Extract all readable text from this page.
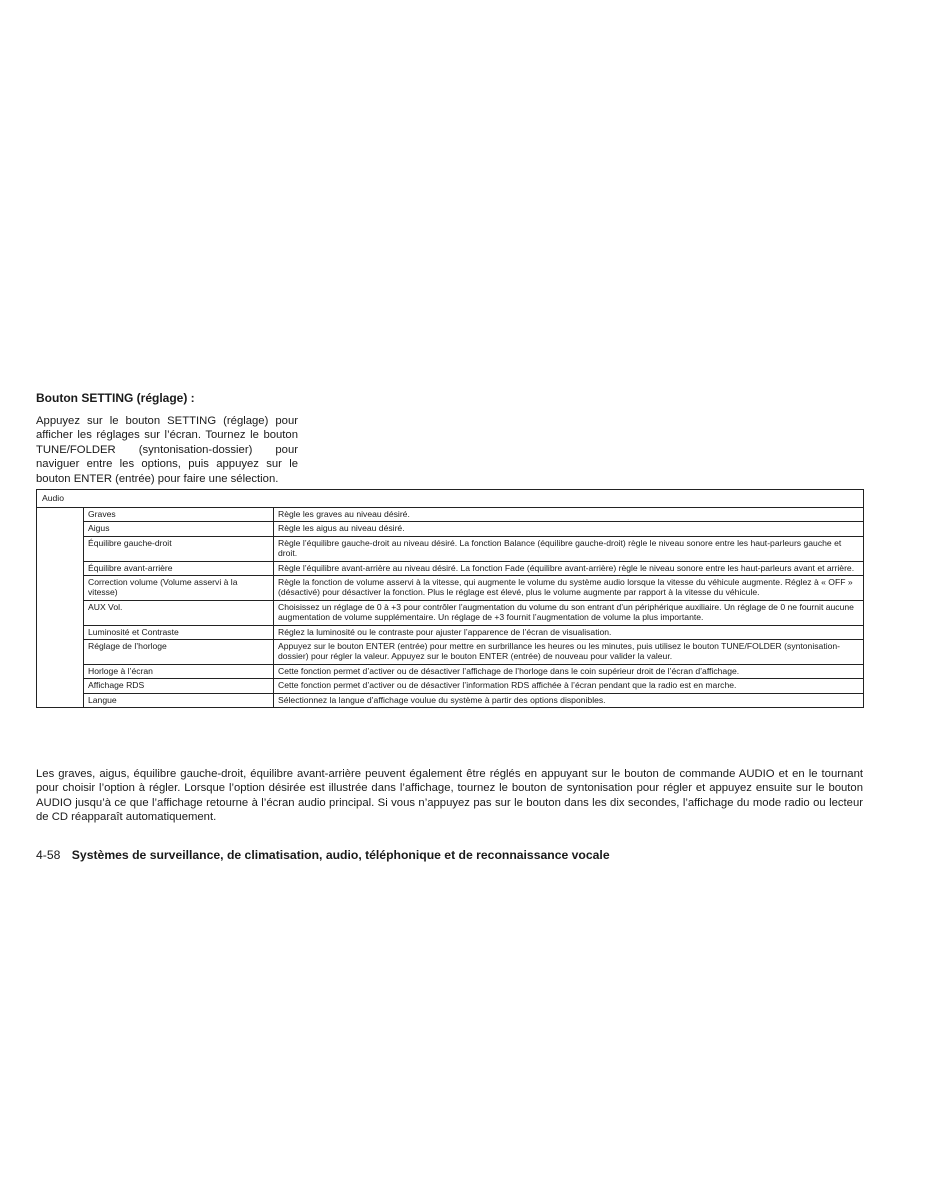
Bouton SETTING (réglage) :

Appuyez sur le bouton SETTING (réglage) pour afficher les réglages sur l’écran. Tournez le bouton TUNE/FOLDER (syntonisation-dossier) pour naviguer entre les options, puis appuyez sur le bouton ENTER (entrée) pour faire une sélection.

Audio		
	Graves	Règle les graves au niveau désiré.
	Aigus	Règle les aigus au niveau désiré.
	Équilibre gauche-droit	Règle l’équilibre gauche-droit au niveau désiré. La fonction Balance (équilibre gauche-droit) règle le niveau sonore entre les haut-parleurs gauche et droit.
	Équilibre avant-arrière	Règle l’équilibre avant-arrière au niveau désiré. La fonction Fade (équilibre avant-arrière) règle le niveau sonore entre les haut-parleurs avant et arrière.
	Correction volume (Volume asservi à la vitesse)	Règle la fonction de volume asservi à la vitesse, qui augmente le volume du système audio lorsque la vitesse du véhicule augmente. Réglez à « OFF » (désactivé) pour désactiver la fonction. Plus le réglage est élevé, plus le volume augmente par rapport à la vitesse du véhicule.
	AUX Vol.	Choisissez un réglage de 0 à +3 pour contrôler l’augmentation du volume du son entrant d’un périphérique auxiliaire. Un réglage de 0 ne fournit aucune augmentation de volume supplémentaire. Un réglage de +3 fournit l’augmentation de volume la plus importante.
	Luminosité et Contraste	Réglez la luminosité ou le contraste pour ajuster l’apparence de l’écran de visualisation.
	Réglage de l’horloge	Appuyez sur le bouton ENTER (entrée) pour mettre en surbrillance les heures ou les minutes, puis utilisez le bouton TUNE/FOLDER (syntonisation-dossier) pour régler la valeur. Appuyez sur le bouton ENTER (entrée) de nouveau pour valider la valeur.
	Horloge à l’écran	Cette fonction permet d’activer ou de désactiver l’affichage de l’horloge dans le coin supérieur droit de l’écran d’affichage.
	Affichage RDS	Cette fonction permet d’activer ou de désactiver l’information RDS affichée à l’écran pendant que la radio est en marche.
	Langue	Sélectionnez la langue d’affichage voulue du système à partir des options disponibles.

Les graves, aigus, équilibre gauche-droit, équilibre avant-arrière peuvent également être réglés en appuyant sur le bouton de commande AUDIO et en le tournant pour choisir l’option à régler. Lorsque l’option désirée est illustrée dans l’affichage, tournez le bouton de syntonisation pour régler et appuyez ensuite sur le bouton AUDIO jusqu’à ce que l’affichage retourne à l’écran audio principal. Si vous n’appuyez pas sur le bouton dans les dix secondes, l’affichage du mode radio ou lecteur de CD réapparaît automatiquement.

4-58 Systèmes de surveillance, de climatisation, audio, téléphonique et de reconnaissance vocale
